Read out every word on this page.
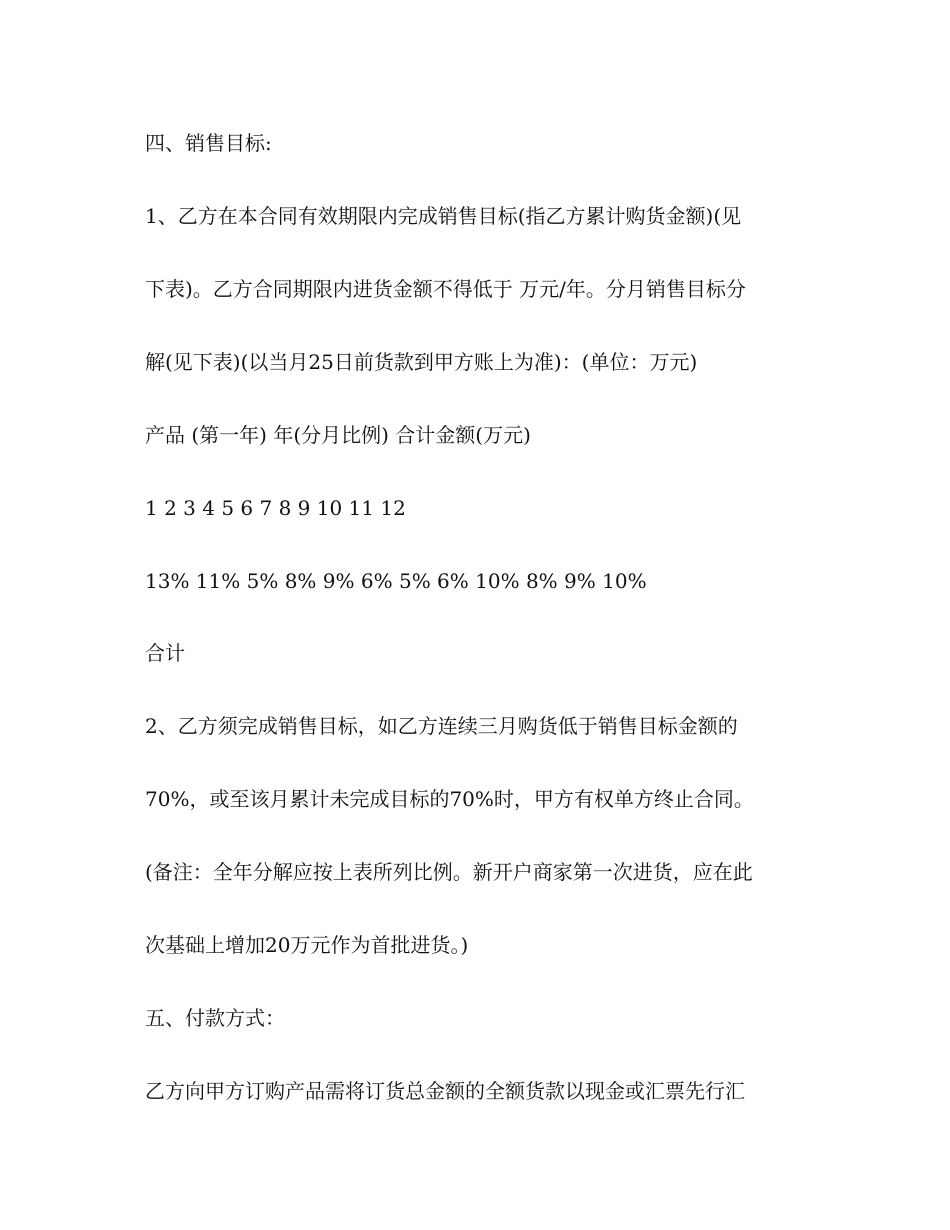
四、销售目标:
1、乙方在本合同有效期限内完成销售目标(指乙方累计购货金额)(见
下表)。乙方合同期限内进货金额不得低于 万元/年。分月销售目标分
解(见下表)(以当月25日前货款到甲方账上为准)：(单位：万元)
产品 (第一年) 年(分月比例) 合计金额(万元)
1 2 3 4 5 6 7 8 9 10 11 12
13% 11% 5% 8% 9% 6% 5% 6% 10% 8% 9% 10%
合计
2、乙方须完成销售目标，如乙方连续三月购货低于销售目标金额的
70%，或至该月累计未完成目标的70%时，甲方有权单方终止合同。
(备注：全年分解应按上表所列比例。新开户商家第一次进货，应在此
次基础上增加20万元作为首批进货。)
五、付款方式：
乙方向甲方订购产品需将订货总金额的全额货款以现金或汇票先行汇
